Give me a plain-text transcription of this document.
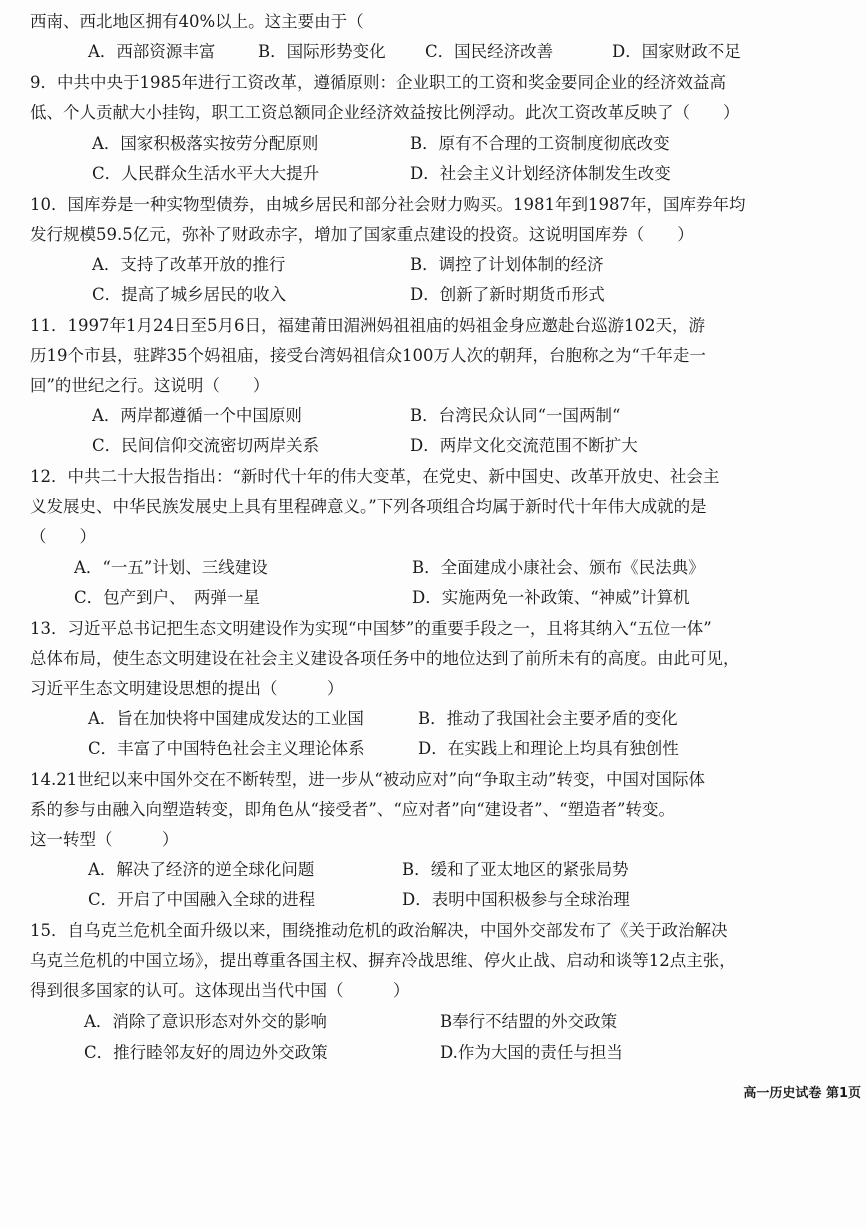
西南、西北地区拥有40%以上。这主要由于（
A．西部资源丰富	B．国际形势变化 C．国民经济改善	D．国家财政不足
9．中共中央于1985年进行工资改革，遵循原则：企业职工的工资和奖金要同企业的经济效益高
低、个人贡献大小挂钩，职工工资总额同企业经济效益按比例浮动。此次工资改革反映了（　　）
A．国家积极落实按劳分配原则	B．原有不合理的工资制度彻底改变
C．人民群众生活水平大大提升	D．社会主义计划经济体制发生改变
10．国库券是一种实物型债券，由城乡居民和部分社会财力购买。1981年到1987年，国库券年均
发行规模59.5亿元，弥补了财政赤字，增加了国家重点建设的投资。这说明国库券（　　）
A．支持了改革开放的推行	B．调控了计划体制的经济
C．提高了城乡居民的收入	D．创新了新时期货币形式
11．1997年1月24日至5月6日，福建莆田湄洲妈祖祖庙的妈祖金身应邀赴台巡游102天，游
历19个市县，驻跸35个妈祖庙，接受台湾妈祖信众100万人次的朝拜，台胞称之为“千年走一
回”的世纪之行。这说明（　　）
A．两岸都遵循一个中国原则	B．台湾民众认同“一国两制“
C．民间信仰交流密切两岸关系	D．两岸文化交流范围不断扩大
12．中共二十大报告指出：“新时代十年的伟大变革，在党史、新中国史、改革开放史、社会主
义发展史、中华民族发展史上具有里程碑意义。”下列各项组合均属于新时代十年伟大成就的是
（　　）
A．“一五”计划、三线建设	B．全面建成小康社会、颁布《民法典》
C．包产到户、　两弹一星	D．实施两免一补政策、“神威”计算机
13．习近平总书记把生态文明建设作为实现“中国梦”的重要手段之一，且将其纳入“五位一体”
总体布局，使生态文明建设在社会主义建设各项任务中的地位达到了前所未有的高度。由此可见，
习近平生态文明建设思想的提出（　　　）
A．旨在加快将中国建成发达的工业国	B．推动了我国社会主要矛盾的变化
C．丰富了中国特色社会主义理论体系	D．在实践上和理论上均具有独创性
14.21世纪以来中国外交在不断转型，进一步从“被动应对”向“争取主动”转变，中国对国际体
系的参与由融入向塑造转变，即角色从“接受者”、“应对者”向“建设者”、“塑造者”转变。
这一转型（　　　）
A．解决了经济的逆全球化问题	B．缓和了亚太地区的紧张局势
C．开启了中国融入全球的进程	D．表明中国积极参与全球治理
15．自乌克兰危机全面升级以来，围绕推动危机的政治解决，中国外交部发布了《关于政治解决
乌克兰危机的中国立场》，提出尊重各国主权、摒弃冷战思维、停火止战、启动和谈等12点主张，
得到很多国家的认可。这体现出当代中国（　　　）
A．消除了意识形态对外交的影响	B奉行不结盟的外交政策
C．推行睦邻友好的周边外交政策	D.作为大国的责任与担当
高一历史试卷 第1页
